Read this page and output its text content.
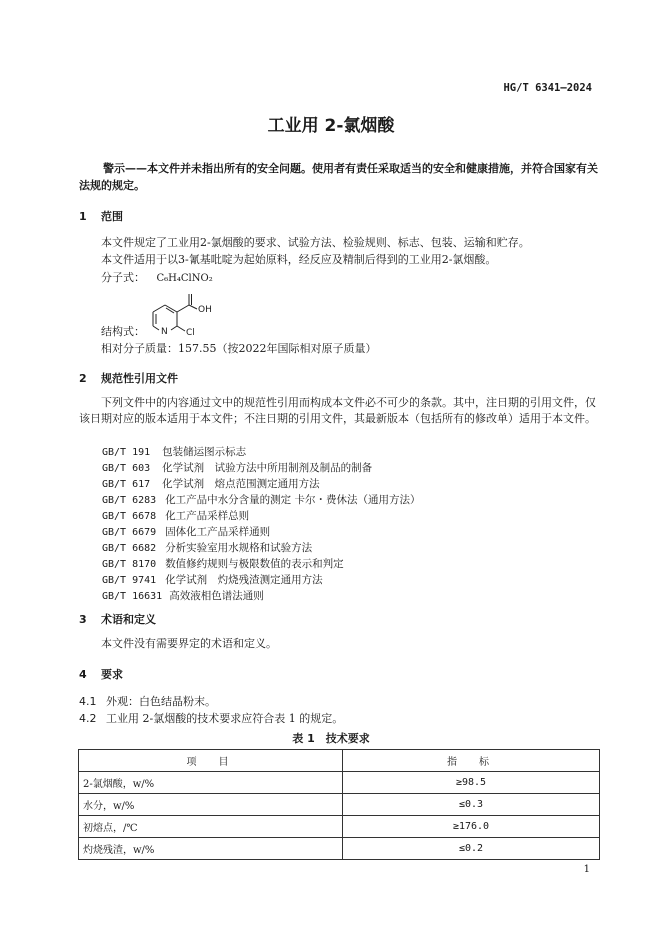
HG/T 6341—2024
工业用 2-氯烟酸
警示——本文件并未指出所有的安全问题。使用者有责任采取适当的安全和健康措施，并符合国家有关法规的规定。
1 范围
本文件规定了工业用2-氯烟酸的要求、试验方法、检验规则、标志、包装、运输和贮存。
本文件适用于以3-氰基吡啶为起始原料，经反应及精制后得到的工业用2-氯烟酸。
分子式： C₆H₄ClNO₂
OH
N Cl
结构式：
相对分子质量：157.55（按2022年国际相对原子质量）
2 规范性引用文件
下列文件中的内容通过文中的规范性引用而构成本文件必不可少的条款。其中，注日期的引用文件，仅该日期对应的版本适用于本文件；不注日期的引用文件，其最新版本（包括所有的修改单）适用于本文件。
GB/T 191 包装储运图示标志
GB/T 603 化学试剂　试验方法中所用制剂及制品的制备
GB/T 617 化学试剂　熔点范围测定通用方法
GB/T 6283 化工产品中水分含量的测定 卡尔・费休法（通用方法）
GB/T 6678 化工产品采样总则
GB/T 6679 固体化工产品采样通则
GB/T 6682 分析实验室用水规格和试验方法
GB/T 8170 数值修约规则与极限数值的表示和判定
GB/T 9741 化学试剂　灼烧残渣测定通用方法
GB/T 16631 高效液相色谱法通则
3 术语和定义
本文件没有需要界定的术语和定义。
4 要求
4.1 外观：白色结晶粉末。
4.2 工业用 2-氯烟酸的技术要求应符合表 1 的规定。
表 1　技术要求
项　目	指　标
2-氯烟酸，w/%	≥98.5
水分，w/%	≤0.3
初熔点，/℃	≥176.0
灼烧残渣，w/%	≤0.2
1
